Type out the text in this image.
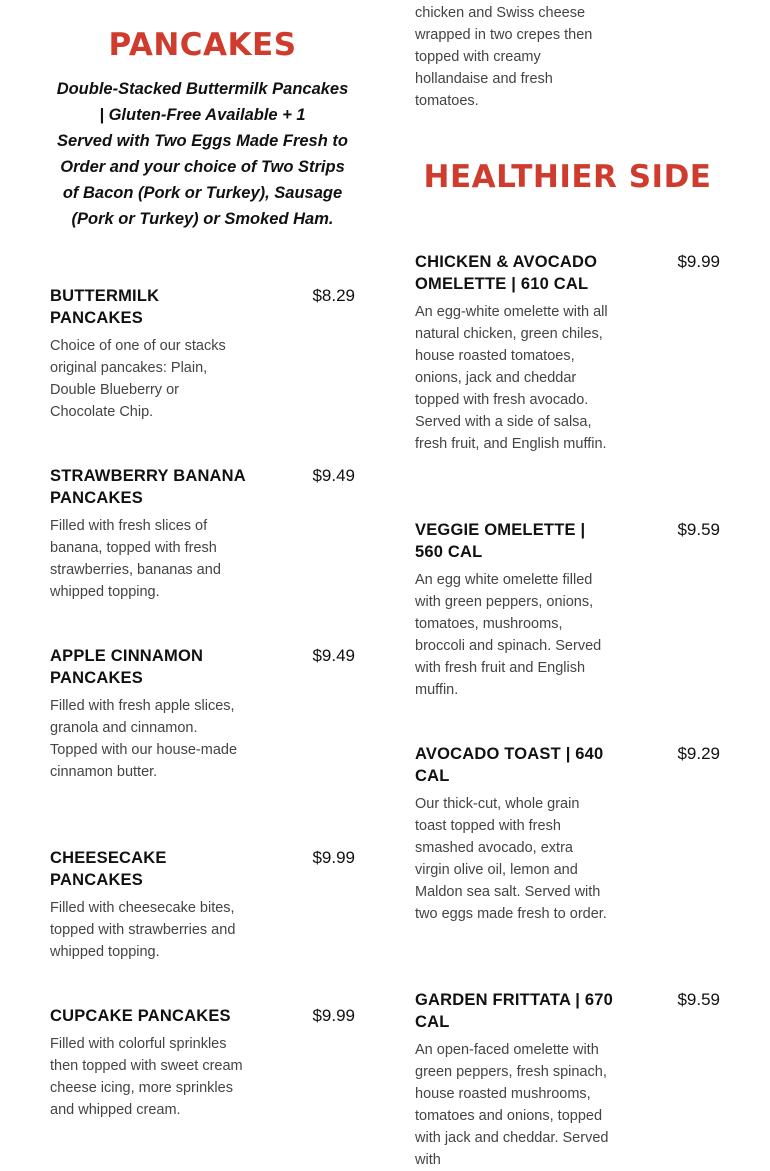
PANCAKES

Double-Stacked Buttermilk Pancakes | Gluten-Free Available + 1
Served with Two Eggs Made Fresh to Order and your choice of Two Strips of Bacon (Pork or Turkey), Sausage (Pork or Turkey) or Smoked Ham.

BUTTERMILK PANCAKES
$8.29
Choice of one of our stacks original pancakes: Plain, Double Blueberry or Chocolate Chip.
STRAWBERRY BANANA PANCAKES
$9.49
Filled with fresh slices of banana, topped with fresh strawberries, bananas and whipped topping.
APPLE CINNAMON PANCAKES
$9.49
Filled with fresh apple slices, granola and cinnamon. Topped with our house-made cinnamon butter.
CHEESECAKE PANCAKES
$9.99
Filled with cheesecake bites, topped with strawberries and whipped topping.
CUPCAKE PANCAKES	$9.99
Filled with colorful sprinkles then topped with sweet cream cheese icing, more sprinkles and whipped cream.
chicken and Swiss cheese wrapped in two crepes then topped with creamy hollandaise and fresh tomatoes.
HEALTHIER SIDE
CHICKEN & AVOCADO OMELETTE | 610 CAL
$9.99
An egg-white omelette with all natural chicken, green chiles, house roasted tomatoes, onions, jack and cheddar topped with fresh avocado. Served with a side of salsa, fresh fruit, and English muffin.
VEGGIE OMELETTE | 560 CAL
$9.59
An egg white omelette filled with green peppers, onions, tomatoes, mushrooms, broccoli and spinach. Served with fresh fruit and English muffin.
AVOCADO TOAST | 640 CAL
$9.29
Our thick-cut, whole grain toast topped with fresh smashed avocado, extra virgin olive oil, lemon and Maldon sea salt. Served with two eggs made fresh to order.
GARDEN FRITTATA | 670 CAL
$9.59
An open-faced omelette with green peppers, fresh spinach, house roasted mushrooms, tomatoes and onions, topped with jack and cheddar. Served with
